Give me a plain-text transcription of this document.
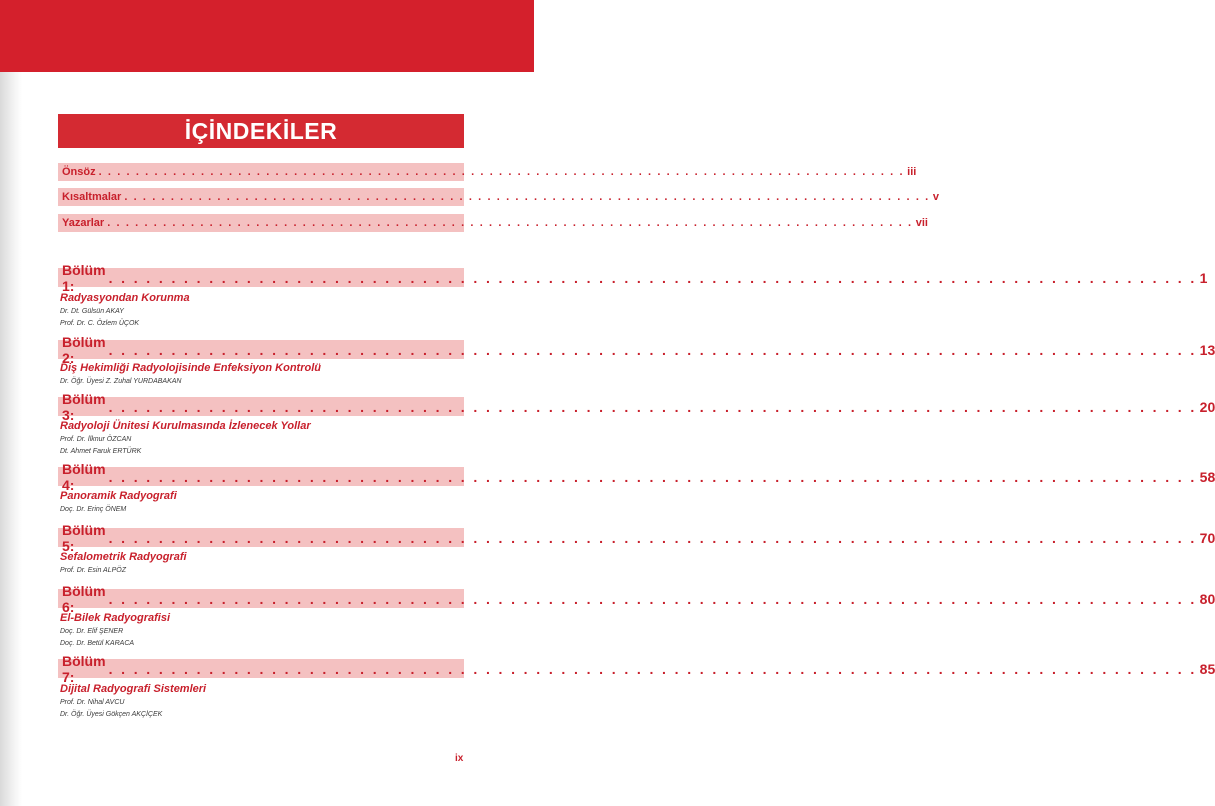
İÇİNDEKİLER
Önsöz . . . . . . . . . . . . . . . . . . . . . . . . . . . . . . . . . . . . . . . . . . . . . . . . . . . . . . . . . . . . . . . . . . . . . . . . . . . . . . . . . . . . . . . iii
Kısaltmalar . . . . . . . . . . . . . . . . . . . . . . . . . . . . . . . . . . . . . . . . . . . . . . . . . . . . . . . . . . . . . . . . . . . . . . . . . . . . . . . . . . . . . . . v
Yazarlar . . . . . . . . . . . . . . . . . . . . . . . . . . . . . . . . . . . . . . . . . . . . . . . . . . . . . . . . . . . . . . . . . . . . . . . . . . . . . . . . . . . . . . . vii
Bölüm 1:	. . . . . . . . . . . . . . . . . . . . . . . . . . . . . . . . . . . . . . . . . . . . . . . . . . . . . . . . . . . . . . . . . . . . . . . . . . . . . . . . . . . . . . . 1
Radyasyondan Korunma
Dr. Dt. Gülsün AKAY
Prof. Dr. C. Özlem ÜÇOK
Bölüm 2:	. . . . . . . . . . . . . . . . . . . . . . . . . . . . . . . . . . . . . . . . . . . . . . . . . . . . . . . . . . . . . . . . . . . . . . . . . . . . . . . . . . . . . . . 13
Diş Hekimliği Radyolojisinde Enfeksiyon Kontrolü
Dr. Öğr. Üyesi Z. Zuhal YURDABAKAN
Bölüm 3:	. . . . . . . . . . . . . . . . . . . . . . . . . . . . . . . . . . . . . . . . . . . . . . . . . . . . . . . . . . . . . . . . . . . . . . . . . . . . . . . . . . . . . . . 20
Radyoloji Ünitesi Kurulmasında İzlenecek Yollar
Prof. Dr. İlknur ÖZCAN
Dt. Ahmet Faruk ERTÜRK
Bölüm 4:	. . . . . . . . . . . . . . . . . . . . . . . . . . . . . . . . . . . . . . . . . . . . . . . . . . . . . . . . . . . . . . . . . . . . . . . . . . . . . . . . . . . . . . . 58
Panoramik Radyografi
Doç. Dr. Erinç ÖNEM
Bölüm 5:	. . . . . . . . . . . . . . . . . . . . . . . . . . . . . . . . . . . . . . . . . . . . . . . . . . . . . . . . . . . . . . . . . . . . . . . . . . . . . . . . . . . . . . . 70
Sefalometrik Radyografi
Prof. Dr. Esin ALPÖZ
Bölüm 6:	. . . . . . . . . . . . . . . . . . . . . . . . . . . . . . . . . . . . . . . . . . . . . . . . . . . . . . . . . . . . . . . . . . . . . . . . . . . . . . . . . . . . . . . 80
El-Bilek Radyografisi
Doç. Dr. Elif ŞENER
Doç. Dr. Betül KARACA
Bölüm 7:	. . . . . . . . . . . . . . . . . . . . . . . . . . . . . . . . . . . . . . . . . . . . . . . . . . . . . . . . . . . . . . . . . . . . . . . . . . . . . . . . . . . . . . . 85
Dijital Radyografi Sistemleri
Prof. Dr. Nihal AVCU
Dr. Öğr. Üyesi Gökçen AKÇİÇEK
ix
